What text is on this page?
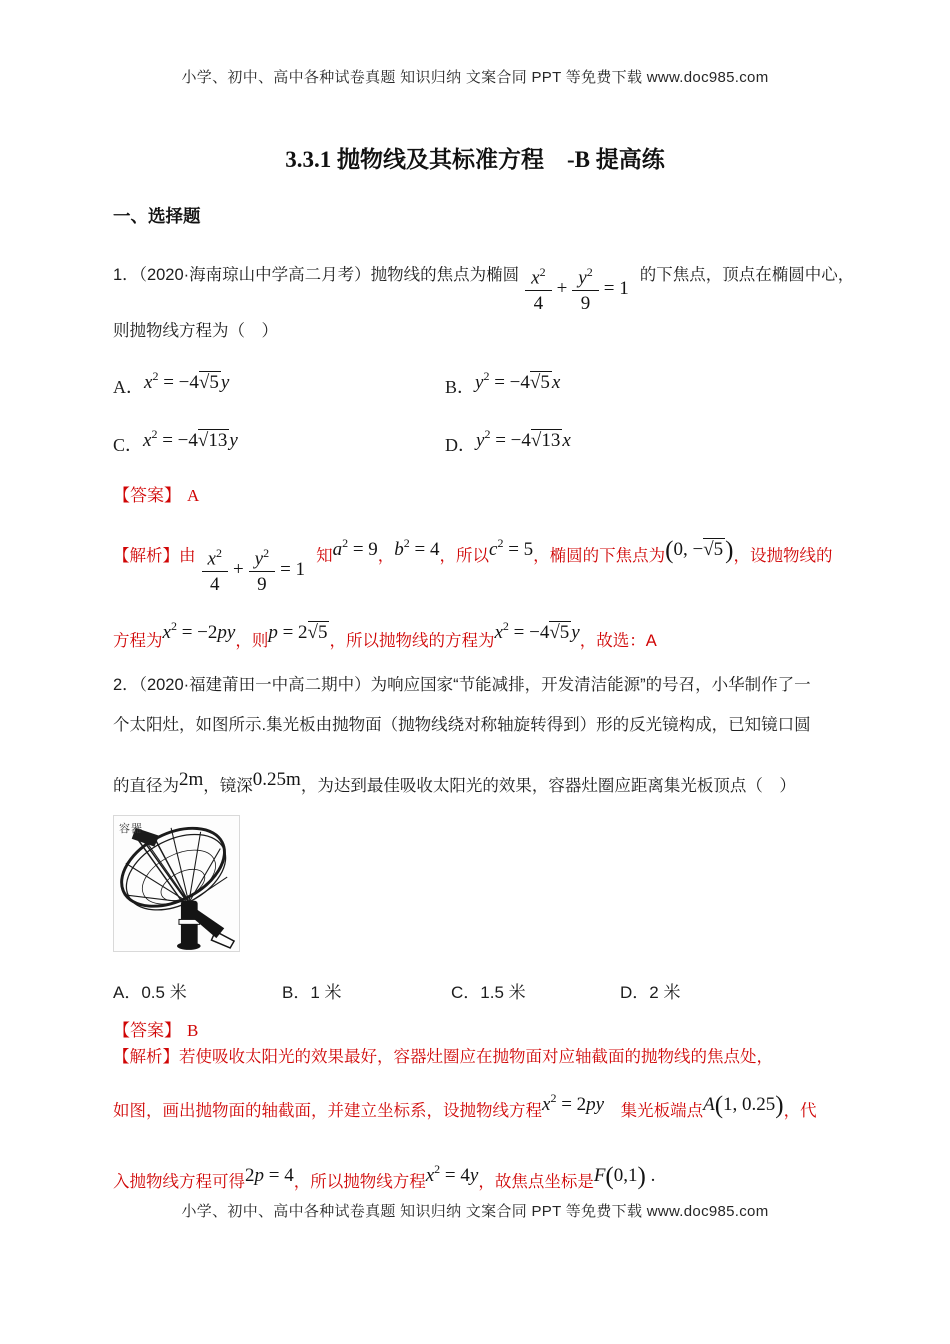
小学、初中、高中各种试卷真题 知识归纳 文案合同 PPT 等免费下载 www.doc985.com
3.3.1 抛物线及其标准方程　-B 提高练
一、选择题
1．（2020·海南琼山中学高二月考）抛物线的焦点为椭圆 $\frac{x^2}{4} + \frac{y^2}{9} = 1$的下焦点，顶点在椭圆中心，
则抛物线方程为（　）
A．$x^2 = -4$ √ 5 y	B．$y^2 = -4$ √ 5 x
C．$x^2 = -4$ √ 13 y	D．$y^2 = -4$ √ 13 x
【答案】 A
【解析】由 $\frac{x^2}{4} + \frac{y^2}{9} = 1$知$a^2 = 9$，$b^2 = 4$，所以$c^2 = 5$，椭圆的下焦点为(0, − √ 5)，设抛物线的
方程为$x^2 = -2py$，则p = 2 √ 5 ，所以抛物线的方程为$x^2 = -4$ √ 5 y，故选：A
2．（2020·福建莆田一中高二期中）为响应国家“节能减排，开发清洁能源”的号召，小华制作了一
个太阳灶，如图所示.集光板由抛物面（抛物线绕对称轴旋转得到）形的反光镜构成，已知镜口圆
的直径为2m，镜深0.25m，为达到最佳吸收太阳光的效果，容器灶圈应距离集光板顶点（　）
容器
A．0.5 米	B．1 米	C．1.5 米	D．2 米
【答案】 B
【解析】若使吸收太阳光的效果最好，容器灶圈应在抛物面对应轴截面的抛物线的焦点处，
如图，画出抛物面的轴截面，并建立坐标系，设抛物线方程$x^2 = 2py$　集光板端点A(1, 0.25)，代
入抛物线方程可得2p = 4，所以抛物线方程$x^2 = 4y$，故焦点坐标是F(0,1) .
小学、初中、高中各种试卷真题 知识归纳 文案合同 PPT 等免费下载 www.doc985.com
